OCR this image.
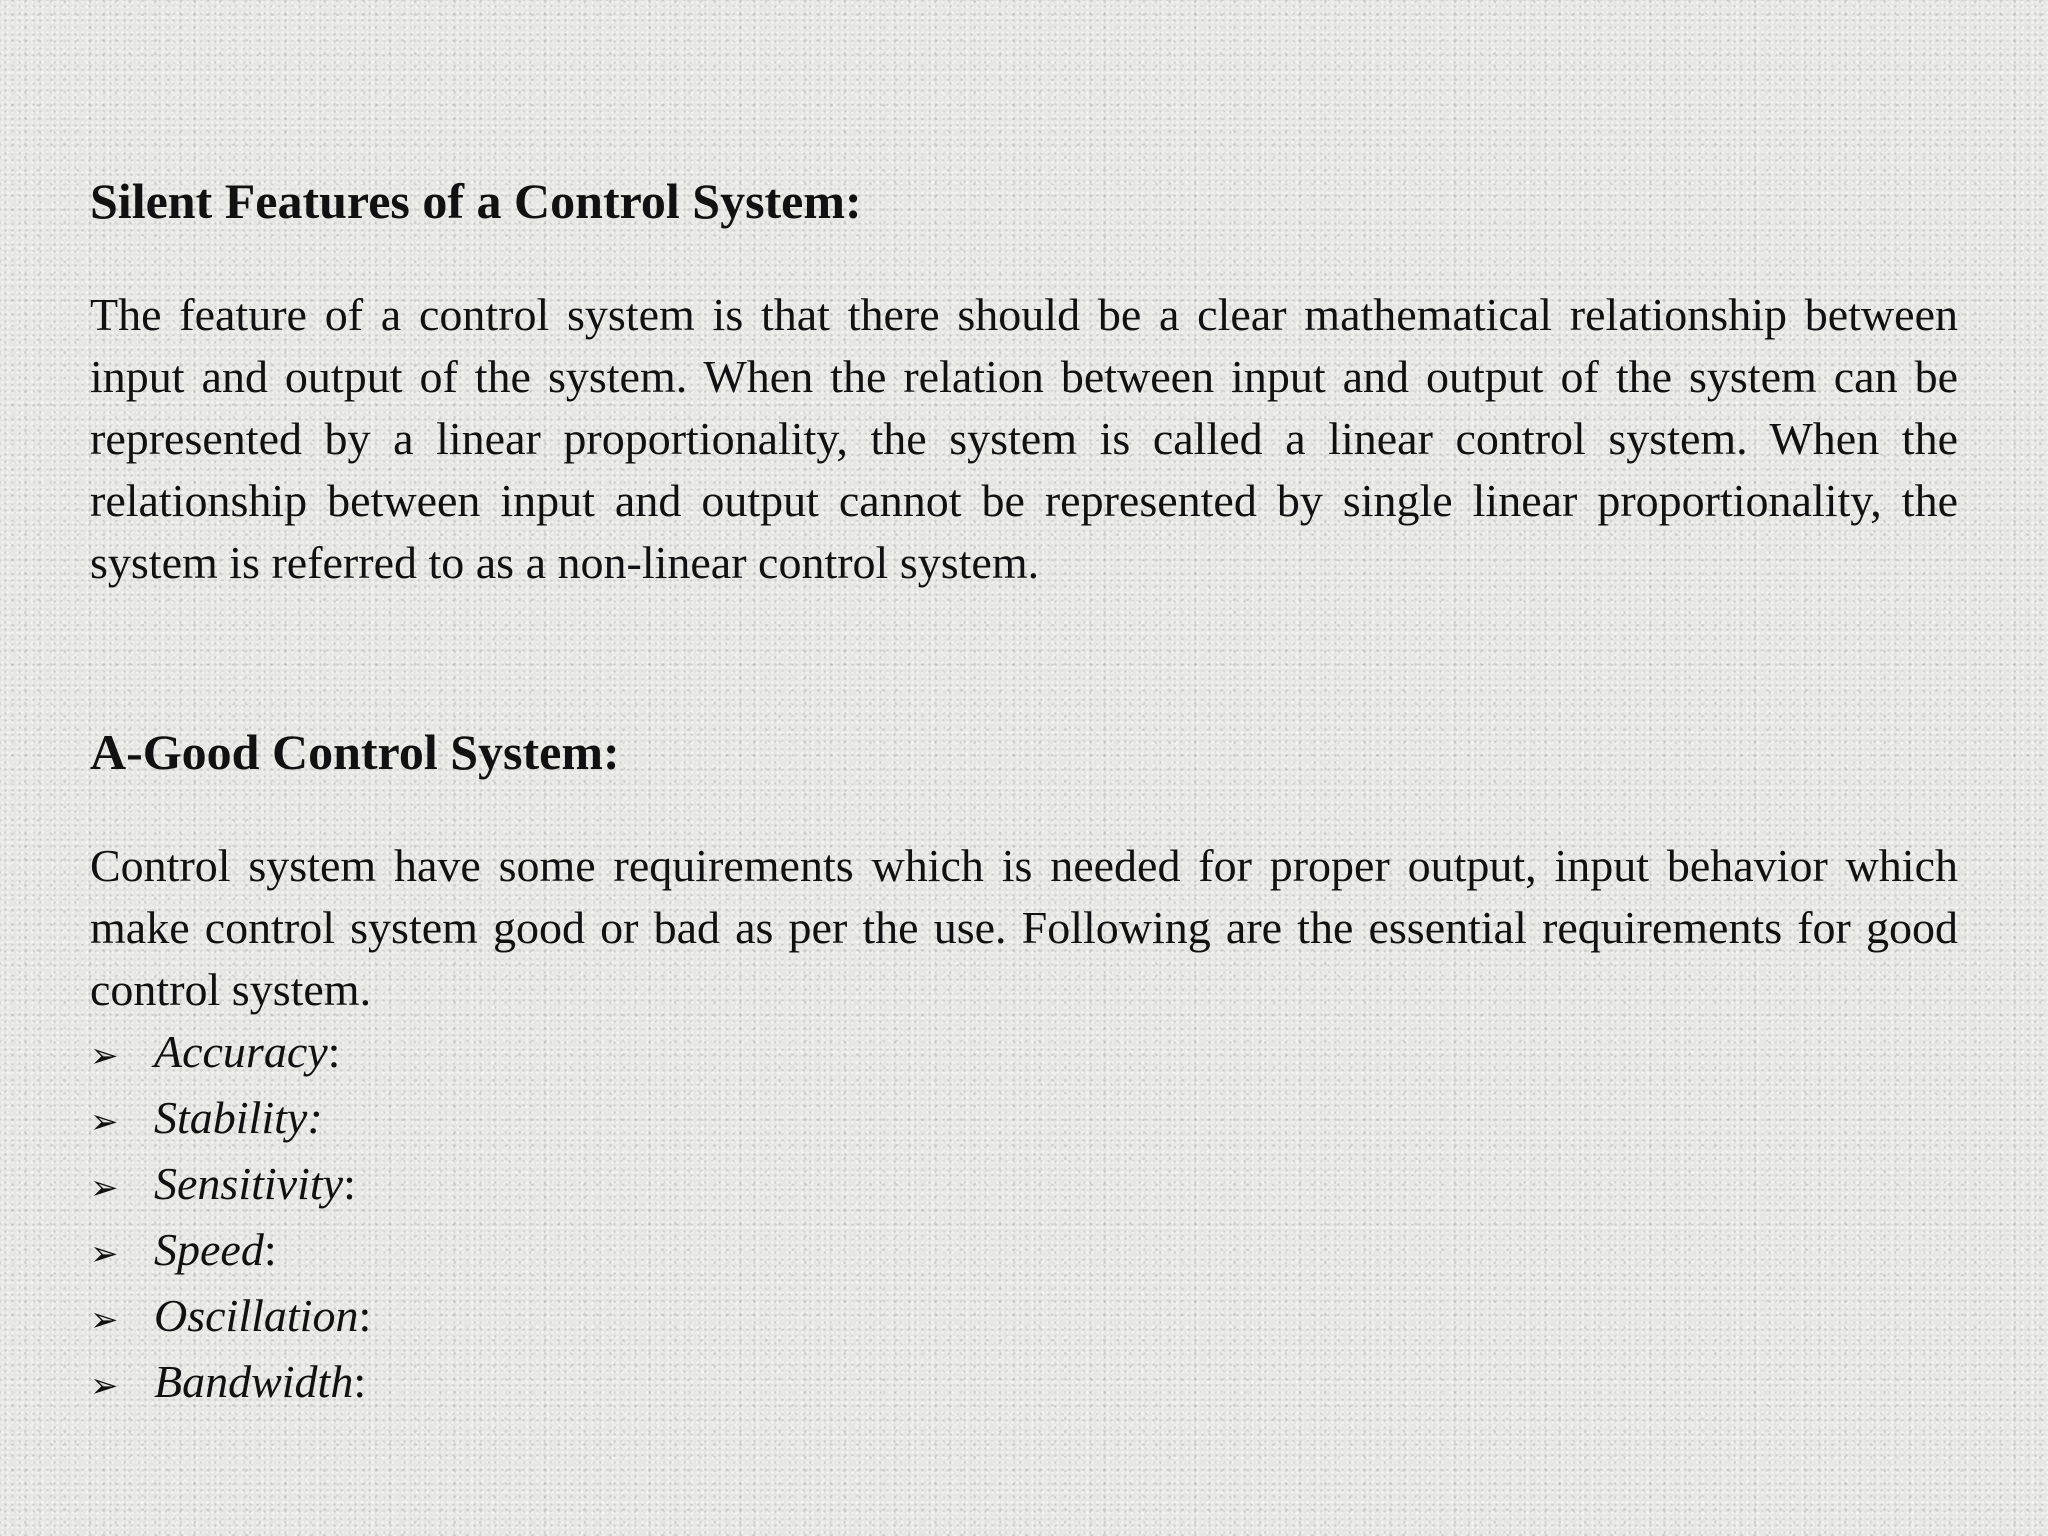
Silent Features of a Control System:

The feature of a control system is that there should be a clear mathematical relationship between input and output of the system. When the relation between input and output of the system can be represented by a linear proportionality, the system is called a linear control system. When the relationship between input and output cannot be represented by single linear proportionality, the system is referred to as a non-linear control system.

A-Good Control System:

Control system have some requirements which is needed for proper output, input behavior which make control system good or bad as per the use. Following are the essential requirements for good control system.

➢ Accuracy:
➢ Stability:
➢ Sensitivity:
➢ Speed:
➢ Oscillation:
➢ Bandwidth:
